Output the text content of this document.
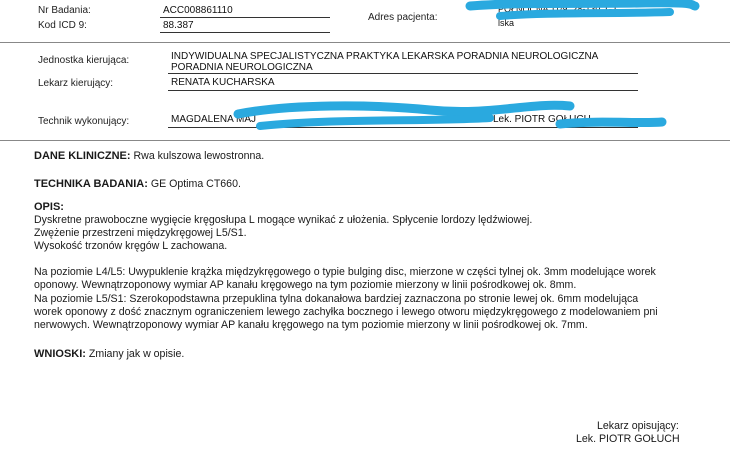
Nr Badania:	ACC008861110
Kod ICD 9:	88.387
Adres pacjenta:
POŁNOCNA 11/9, 28-130, GT
lska
Jednostka kierująca:	INDYWIDUALNA SPECJALISTYCZNA PRAKTYKA LEKARSKA PORADNIA NEUROLOGICZNA
PORADNIA NEUROLOGICZNA
Lekarz kierujący:	RENATA KUCHARSKA
Technik wykonujący:	MAGDALENA MAJ	Lek. PIOTR GOŁUCH
DANE KLINICZNE: Rwa kulszowa lewostronna.
TECHNIKA BADANIA: GE Optima CT660.
OPIS:
Dyskretne prawoboczne wygięcie kręgosłupa L mogące wynikać z ułożenia. Spłycenie lordozy lędźwiowej.
Zwężenie przestrzeni międzykręgowej L5/S1.
Wysokość trzonów kręgów L zachowana.
Na poziomie L4/L5: Uwypuklenie krążka międzykręgowego o typie bulging disc, mierzone w części tylnej ok. 3mm modelujące worek
oponowy. Wewnątrzoponowy wymiar AP kanału kręgowego na tym poziomie mierzony w linii pośrodkowej ok. 8mm.
Na poziomie L5/S1: Szerokopodstawna przepuklina tylna dokanałowa bardziej zaznaczona po stronie lewej ok. 6mm modelująca
worek oponowy z dość znacznym ograniczeniem lewego zachyłka bocznego i lewego otworu międzykręgowego z modelowaniem pni
nerwowych. Wewnątrzoponowy wymiar AP kanału kręgowego na tym poziomie mierzony w linii pośrodkowej ok. 7mm.
WNIOSKI: Zmiany jak w opisie.
Lekarz opisujący:
Lek. PIOTR GOŁUCH
